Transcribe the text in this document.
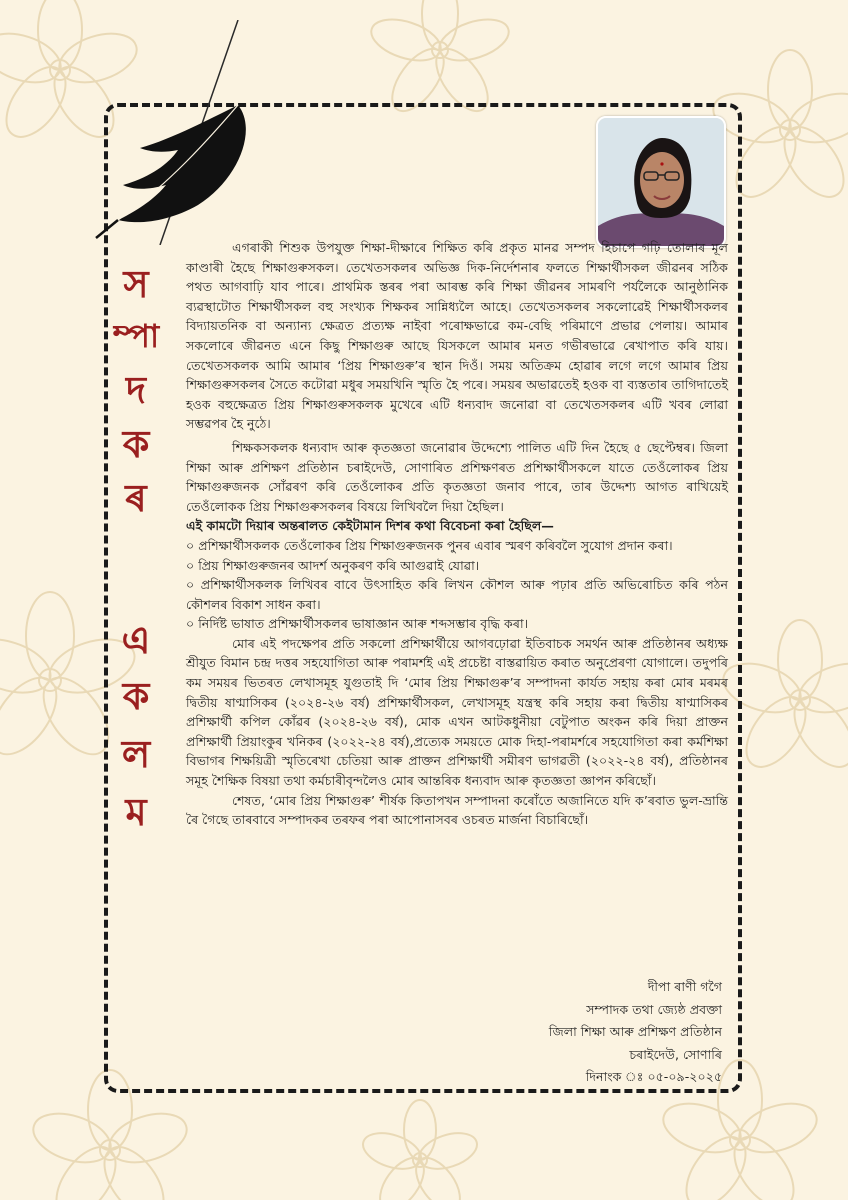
স
ম্পা
দ
ক
ৰ
এ
ক
ল
ম

এগৰাকী শিশুক উপযুক্ত শিক্ষা-দীক্ষাৰে শিক্ষিত কৰি প্ৰকৃত মানৱ সম্পদ হিচাপে গঢ়ি তোলাৰ মূল কাণ্ডাৰী হৈছে শিক্ষাগুৰুসকল। তেখেতসকলৰ অভিজ্ঞ দিক-নিৰ্দেশনাৰ ফলতে শিক্ষাৰ্থীসকল জীৱনৰ সঠিক পথত আগবাঢ়ি যাব পাৰে। প্ৰাথমিক স্তৰৰ পৰা আৰম্ভ কৰি শিক্ষা জীৱনৰ সামৰণি পৰ্যলৈকে আনুষ্ঠানিক ব্যৱস্থাটোত শিক্ষাৰ্থীসকল বহু সংখ্যক শিক্ষকৰ সান্নিধ্যলৈ আহে। তেখেতসকলৰ সকলোৱেই শিক্ষাৰ্থীসকলৰ বিদ্যায়তনিক বা অন্যান্য ক্ষেত্ৰত প্ৰত্যক্ষ নাইবা পৰোক্ষভাৱে কম-বেছি পৰিমাণে প্ৰভাৱ পেলায়। আমাৰ সকলোৰে জীৱনত এনে কিছু শিক্ষাগুৰু আছে যিসকলে আমাৰ মনত গভীৰভাৱে ৰেখাপাত কৰি যায়। তেখেতসকলক আমি আমাৰ ‘প্ৰিয় শিক্ষাগুৰু’ৰ স্থান দিওঁ। সময় অতিক্ৰম হোৱাৰ লগে লগে আমাৰ প্ৰিয় শিক্ষাগুৰুসকলৰ সৈতে কটোৱা মধুৰ সময়খিনি স্মৃতি হৈ পৰে। সময়ৰ অভাৱতেই হওক বা ব্যস্ততাৰ তাগিদাতেই হওক বহুক্ষেত্ৰত প্ৰিয় শিক্ষাগুৰুসকলক মুখেৰে এটি ধন্যবাদ জনোৱা বা তেখেতসকলৰ এটি খবৰ লোৱা সম্ভৱপৰ হৈ নুঠে।

শিক্ষকসকলক ধন্যবাদ আৰু কৃতজ্ঞতা জনোৱাৰ উদ্দেশ্যে পালিত এটি দিন হৈছে ৫ ছেপ্টেম্বৰ। জিলা শিক্ষা আৰু প্ৰশিক্ষণ প্ৰতিষ্ঠান চৰাইদেউ, সোণাৰিত প্ৰশিক্ষণৰত প্ৰশিক্ষাৰ্থীসকলে যাতে তেওঁলোকৰ প্ৰিয় শিক্ষাগুৰুজনক সোঁৱৰণ কৰি তেওঁলোকৰ প্ৰতি কৃতজ্ঞতা জনাব পাৰে, তাৰ উদ্দেশ্য আগত ৰাখিয়েই তেওঁলোকক প্ৰিয় শিক্ষাগুৰুসকলৰ বিষয়ে লিখিবলৈ দিয়া হৈছিল।

এই কামটো দিয়াৰ অন্তৰালত কেইটামান দিশৰ কথা বিবেচনা কৰা হৈছিল—

০ প্ৰশিক্ষাৰ্থীসকলক তেওঁলোকৰ প্ৰিয় শিক্ষাগুৰুজনক পুনৰ এবাৰ স্মৰণ কৰিবলৈ সুযোগ প্ৰদান কৰা।

০ প্ৰিয় শিক্ষাগুৰুজনৰ আদৰ্শ অনুকৰণ কৰি আগুৱাই যোৱা।

০ প্ৰশিক্ষাৰ্থীসকলক লিখিবৰ বাবে উৎসাহিত কৰি লিখন কৌশল আৰু পঢ়াৰ প্ৰতি অভিৰোচিত কৰি পঠন কৌশলৰ বিকাশ সাধন কৰা।

০ নিৰ্দিষ্ট ভাষাত প্ৰশিক্ষাৰ্থীসকলৰ ভাষাজ্ঞান আৰু শব্দসম্ভাৰ বৃদ্ধি কৰা।

মোৰ এই পদক্ষেপৰ প্ৰতি সকলো প্ৰশিক্ষাৰ্থীয়ে আগবঢ়োৱা ইতিবাচক সমৰ্থন আৰু প্ৰতিষ্ঠানৰ অধ্যক্ষ শ্ৰীযুত বিমান চন্দ্ৰ দত্তৰ সহযোগিতা আৰু পৰামৰ্শই এই প্ৰচেষ্টা বাস্তৱায়িত কৰাত অনুপ্ৰেৰণা যোগালে। তদুপৰি কম সময়ৰ ভিতৰত লেখাসমূহ যুগুতাই দি ‘মোৰ প্ৰিয় শিক্ষাগুৰু’ৰ সম্পাদনা কাৰ্যত সহায় কৰা মোৰ মৰমৰ দ্বিতীয় ষাণ্মাসিকৰ (২০২৪-২৬ বৰ্ষ) প্ৰশিক্ষাৰ্থীসকল, লেখাসমূহ যন্ত্ৰস্থ কৰি সহায় কৰা দ্বিতীয় ষাণ্মাসিকৰ প্ৰশিক্ষাৰ্থী কপিল কোঁৱৰ (২০২৪-২৬ বৰ্ষ), মোক এখন আটকধুনীয়া বেটুপাত অংকন কৰি দিয়া প্ৰাক্তন প্ৰশিক্ষাৰ্থী প্ৰিয়াংকুৰ খনিকৰ (২০২২-২৪ বৰ্ষ),প্ৰত্যেক সময়তে মোক দিহা-পৰামৰ্শৰে সহযোগিতা কৰা কৰ্মশিক্ষা বিভাগৰ শিক্ষয়িত্ৰী স্মৃতিৰেখা চেতিয়া আৰু প্ৰাক্তন প্ৰশিক্ষাৰ্থী সমীৰণ ভাগৱতী (২০২২-২৪ বৰ্ষ), প্ৰতিষ্ঠানৰ সমূহ শৈক্ষিক বিষয়া তথা কৰ্মচাৰীবৃন্দলৈও মোৰ আন্তৰিক ধন্যবাদ আৰু কৃতজ্ঞতা জ্ঞাপন কৰিছোঁ।

শেষত, ‘মোৰ প্ৰিয় শিক্ষাগুৰু’ শীৰ্ষক কিতাপখন সম্পাদনা কৰোঁতে অজানিতে যদি ক’ৰবাত ভুল-ভ্ৰান্তি ৰৈ গৈছে তাৰবাবে সম্পাদকৰ তৰফৰ পৰা আপোনাসবৰ ওচৰত মাৰ্জনা বিচাৰিছোঁ।

দীপা ৰাণী গগৈ
সম্পাদক তথা জ্যেষ্ঠ প্ৰবক্তা
জিলা শিক্ষা আৰু প্ৰশিক্ষণ প্ৰতিষ্ঠান
চৰাইদেউ, সোণাৰি
দিনাংক ঃ ০৫-০৯-২০২৫
